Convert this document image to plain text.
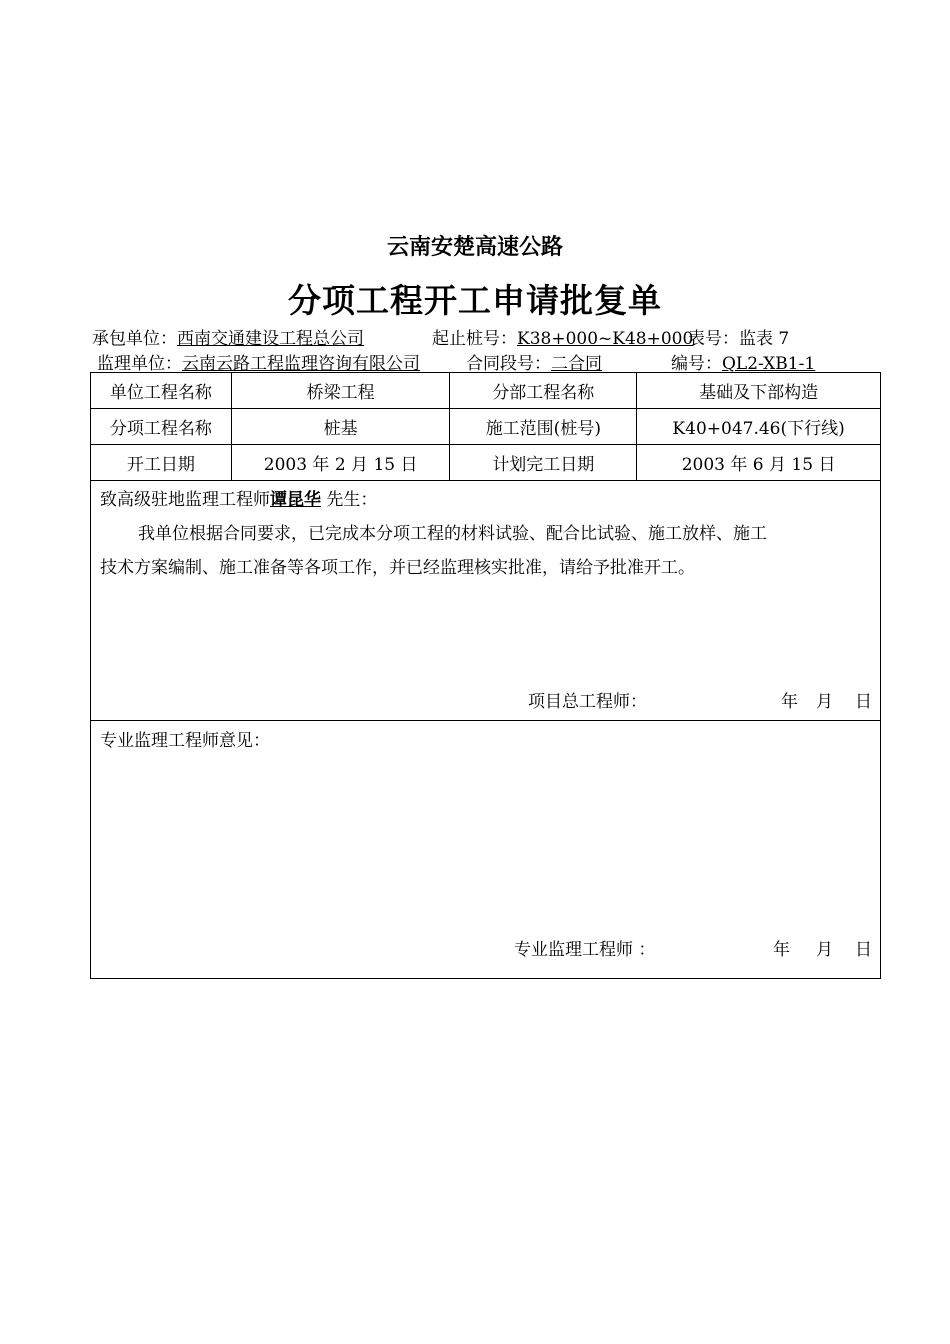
云南安楚高速公路
分项工程开工申请批复单
承包单位：西南交通建设工程总公司	起止桩号：K38+000~K48+000
表号：监表 7
监理单位：云南云路工程监理咨询有限公司	合同段号：二合同	编号：QL2-XB1-1
单位工程名称	桥梁工程	分部工程名称	基础及下部构造
分项工程名称	桩基	施工范围(桩号)	K40+047.46(下行线)
开工日期	2003 年 2 月 15 日	计划完工日期	2003 年 6 月 15 日
致高级驻地监理工程师谭昆华 先生：
我单位根据合同要求，已完成本分项工程的材料试验、配合比试验、施工放样、施工
技术方案编制、施工准备等各项工作，并已经监理核实批准，请给予批准开工。
项目总工程师：	年 月 日
专业监理工程师意见：
专业监理工程师 ：	年 月 日
